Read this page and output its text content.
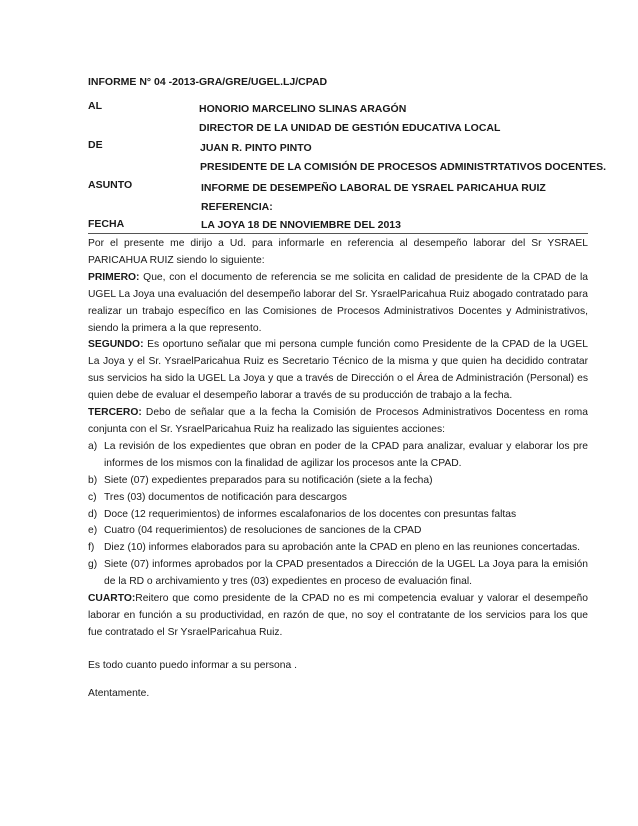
INFORME N° 04 -2013-GRA/GRE/UGEL.LJ/CPAD
AL	HONORIO MARCELINO SLINAS ARAGÓN
DIRECTOR DE LA UNIDAD DE GESTIÓN EDUCATIVA LOCAL
DE	JUAN R. PINTO PINTO
PRESIDENTE DE LA COMISIÓN DE PROCESOS ADMINISTRTATIVOS DOCENTES.
ASUNTO	INFORME DE DESEMPEÑO LABORAL DE YSRAEL PARICAHUA RUIZ
REFERENCIA:
FECHA	LA JOYA 18 DE NNOVIEMBRE DEL 2013

Por el presente me dirijo a Ud. para informarle en referencia al desempeño laborar del Sr YSRAEL PARICAHUA RUIZ siendo lo siguiente:

PRIMERO: Que, con el documento de referencia se me solicita en calidad de presidente de la CPAD de la UGEL La Joya una evaluación del desempeño laborar del Sr. YsraelParicahua Ruiz abogado contratado para realizar un trabajo específico en las Comisiones de Procesos Administrativos Docentes y Administrativos, siendo la primera a la que represento.

SEGUNDO: Es oportuno señalar que mi persona cumple función como Presidente de la CPAD de la UGEL La Joya y el Sr. YsraelParicahua Ruiz es Secretario Técnico de la misma y que quien ha decidido contratar sus servicios ha sido la UGEL La Joya y que a través de Dirección o el Área de Administración (Personal) es quien debe de evaluar el desempeño laborar a través de su producción de trabajo a la fecha.

TERCERO: Debo de señalar que a la fecha la Comisión de Procesos Administrativos Docentess en roma conjunta con el Sr. YsraelParicahua Ruiz ha realizado las siguientes acciones:

a) La revisión de los expedientes que obran en poder de la CPAD para analizar, evaluar y elaborar los pre informes de los mismos con la finalidad de agilizar los procesos ante la CPAD.
b) Siete (07) expedientes preparados para su notificación (siete a la fecha)
c) Tres (03) documentos de notificación para descargos
d) Doce (12 requerimientos) de informes escalafonarios de los docentes con presuntas faltas
e) Cuatro (04 requerimientos) de resoluciones de sanciones de la CPAD
f) Diez (10) informes elaborados para su aprobación ante la CPAD en pleno en las reuniones concertadas.
g) Siete (07) informes aprobados por la CPAD presentados a Dirección de la UGEL La Joya para la emisión de la RD o archivamiento y tres (03) expedientes en proceso de evaluación final.

CUARTO:Reitero que como presidente de la CPAD no es mi competencia evaluar y valorar el desempeño laborar en función a su productividad, en razón de que, no soy el contratante de los servicios para los que fue contratado el Sr YsraelParicahua Ruiz.

Es todo cuanto puedo informar a su persona .

Atentamente.
